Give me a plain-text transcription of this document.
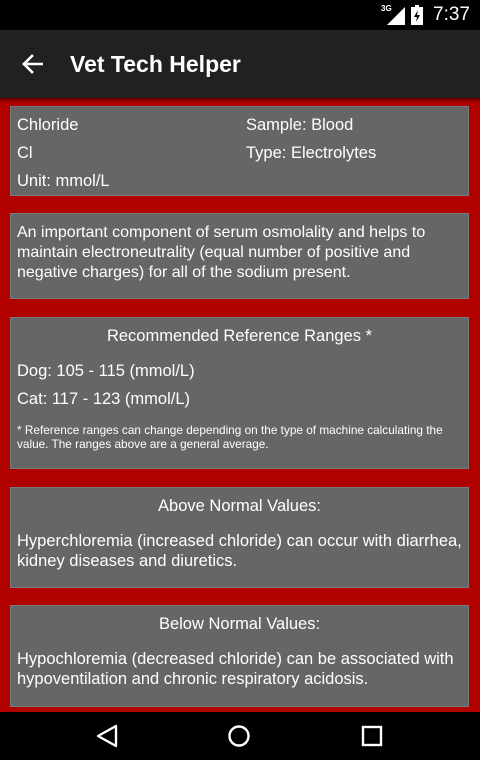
3G 7:37
Vet Tech Helper
Chloride	Sample: Blood
Cl	Type: Electrolytes
Unit: mmol/L

An important component of serum osmolality and helps to maintain electroneutrality (equal number of positive and negative charges) for all of the sodium present.

Recommended Reference Ranges *
Dog: 105 - 115 (mmol/L)
Cat: 117 - 123 (mmol/L)

* Reference ranges can change depending on the type of machine calculating the value. The ranges above are a general average.

Above Normal Values:

Hyperchloremia (increased chloride) can occur with diarrhea, kidney diseases and diuretics.

Below Normal Values:

Hypochloremia (decreased chloride) can be associated with hypoventilation and chronic respiratory acidosis.
